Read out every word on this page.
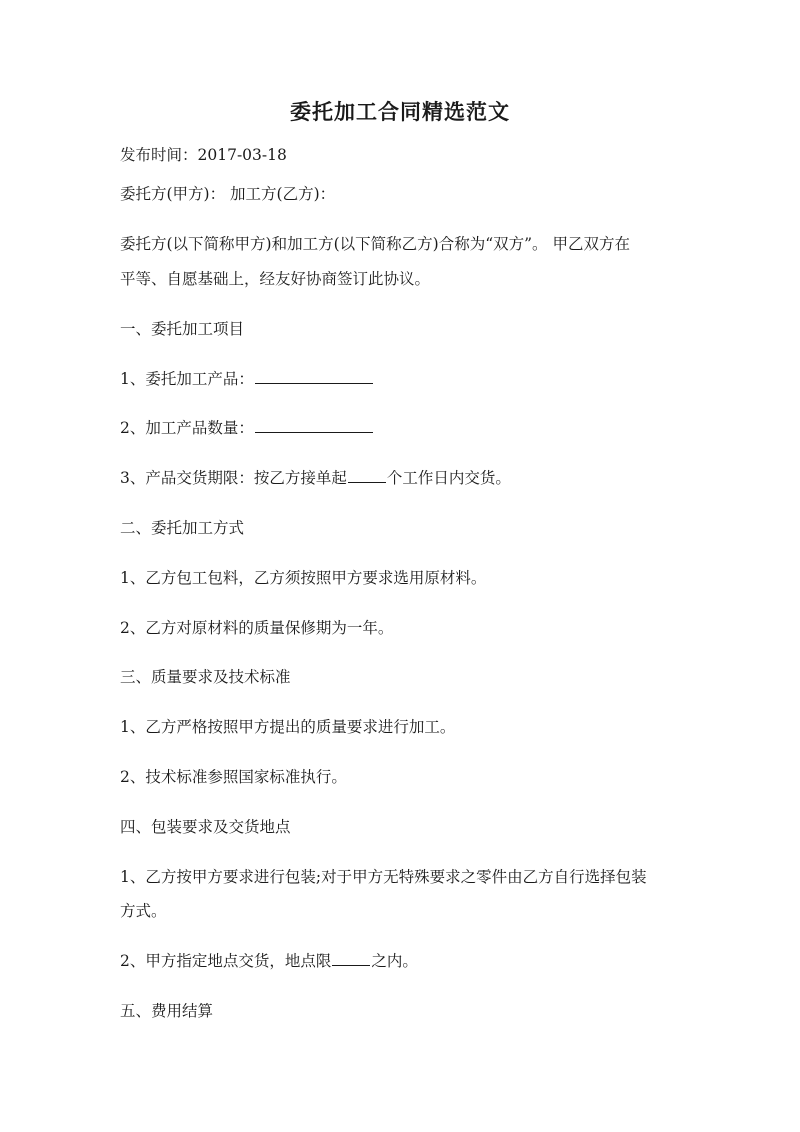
委托加工合同精选范文
发布时间：2017-03-18
委托方(甲方)： 加工方(乙方)：
委托方(以下简称甲方)和加工方(以下简称乙方)合称为“双方”。 甲乙双方在
平等、自愿基础上，经友好协商签订此协议。
一、委托加工项目
1、委托加工产品：
2、加工产品数量：
3、产品交货期限：按乙方接单起	个工作日内交货。
二、委托加工方式
1、乙方包工包料，乙方须按照甲方要求选用原材料。
2、乙方对原材料的质量保修期为一年。
三、质量要求及技术标准
1、乙方严格按照甲方提出的质量要求进行加工。
2、技术标准参照国家标准执行。
四、包装要求及交货地点
1、乙方按甲方要求进行包装;对于甲方无特殊要求之零件由乙方自行选择包装
方式。
2、甲方指定地点交货，地点限	之内。
五、费用结算
